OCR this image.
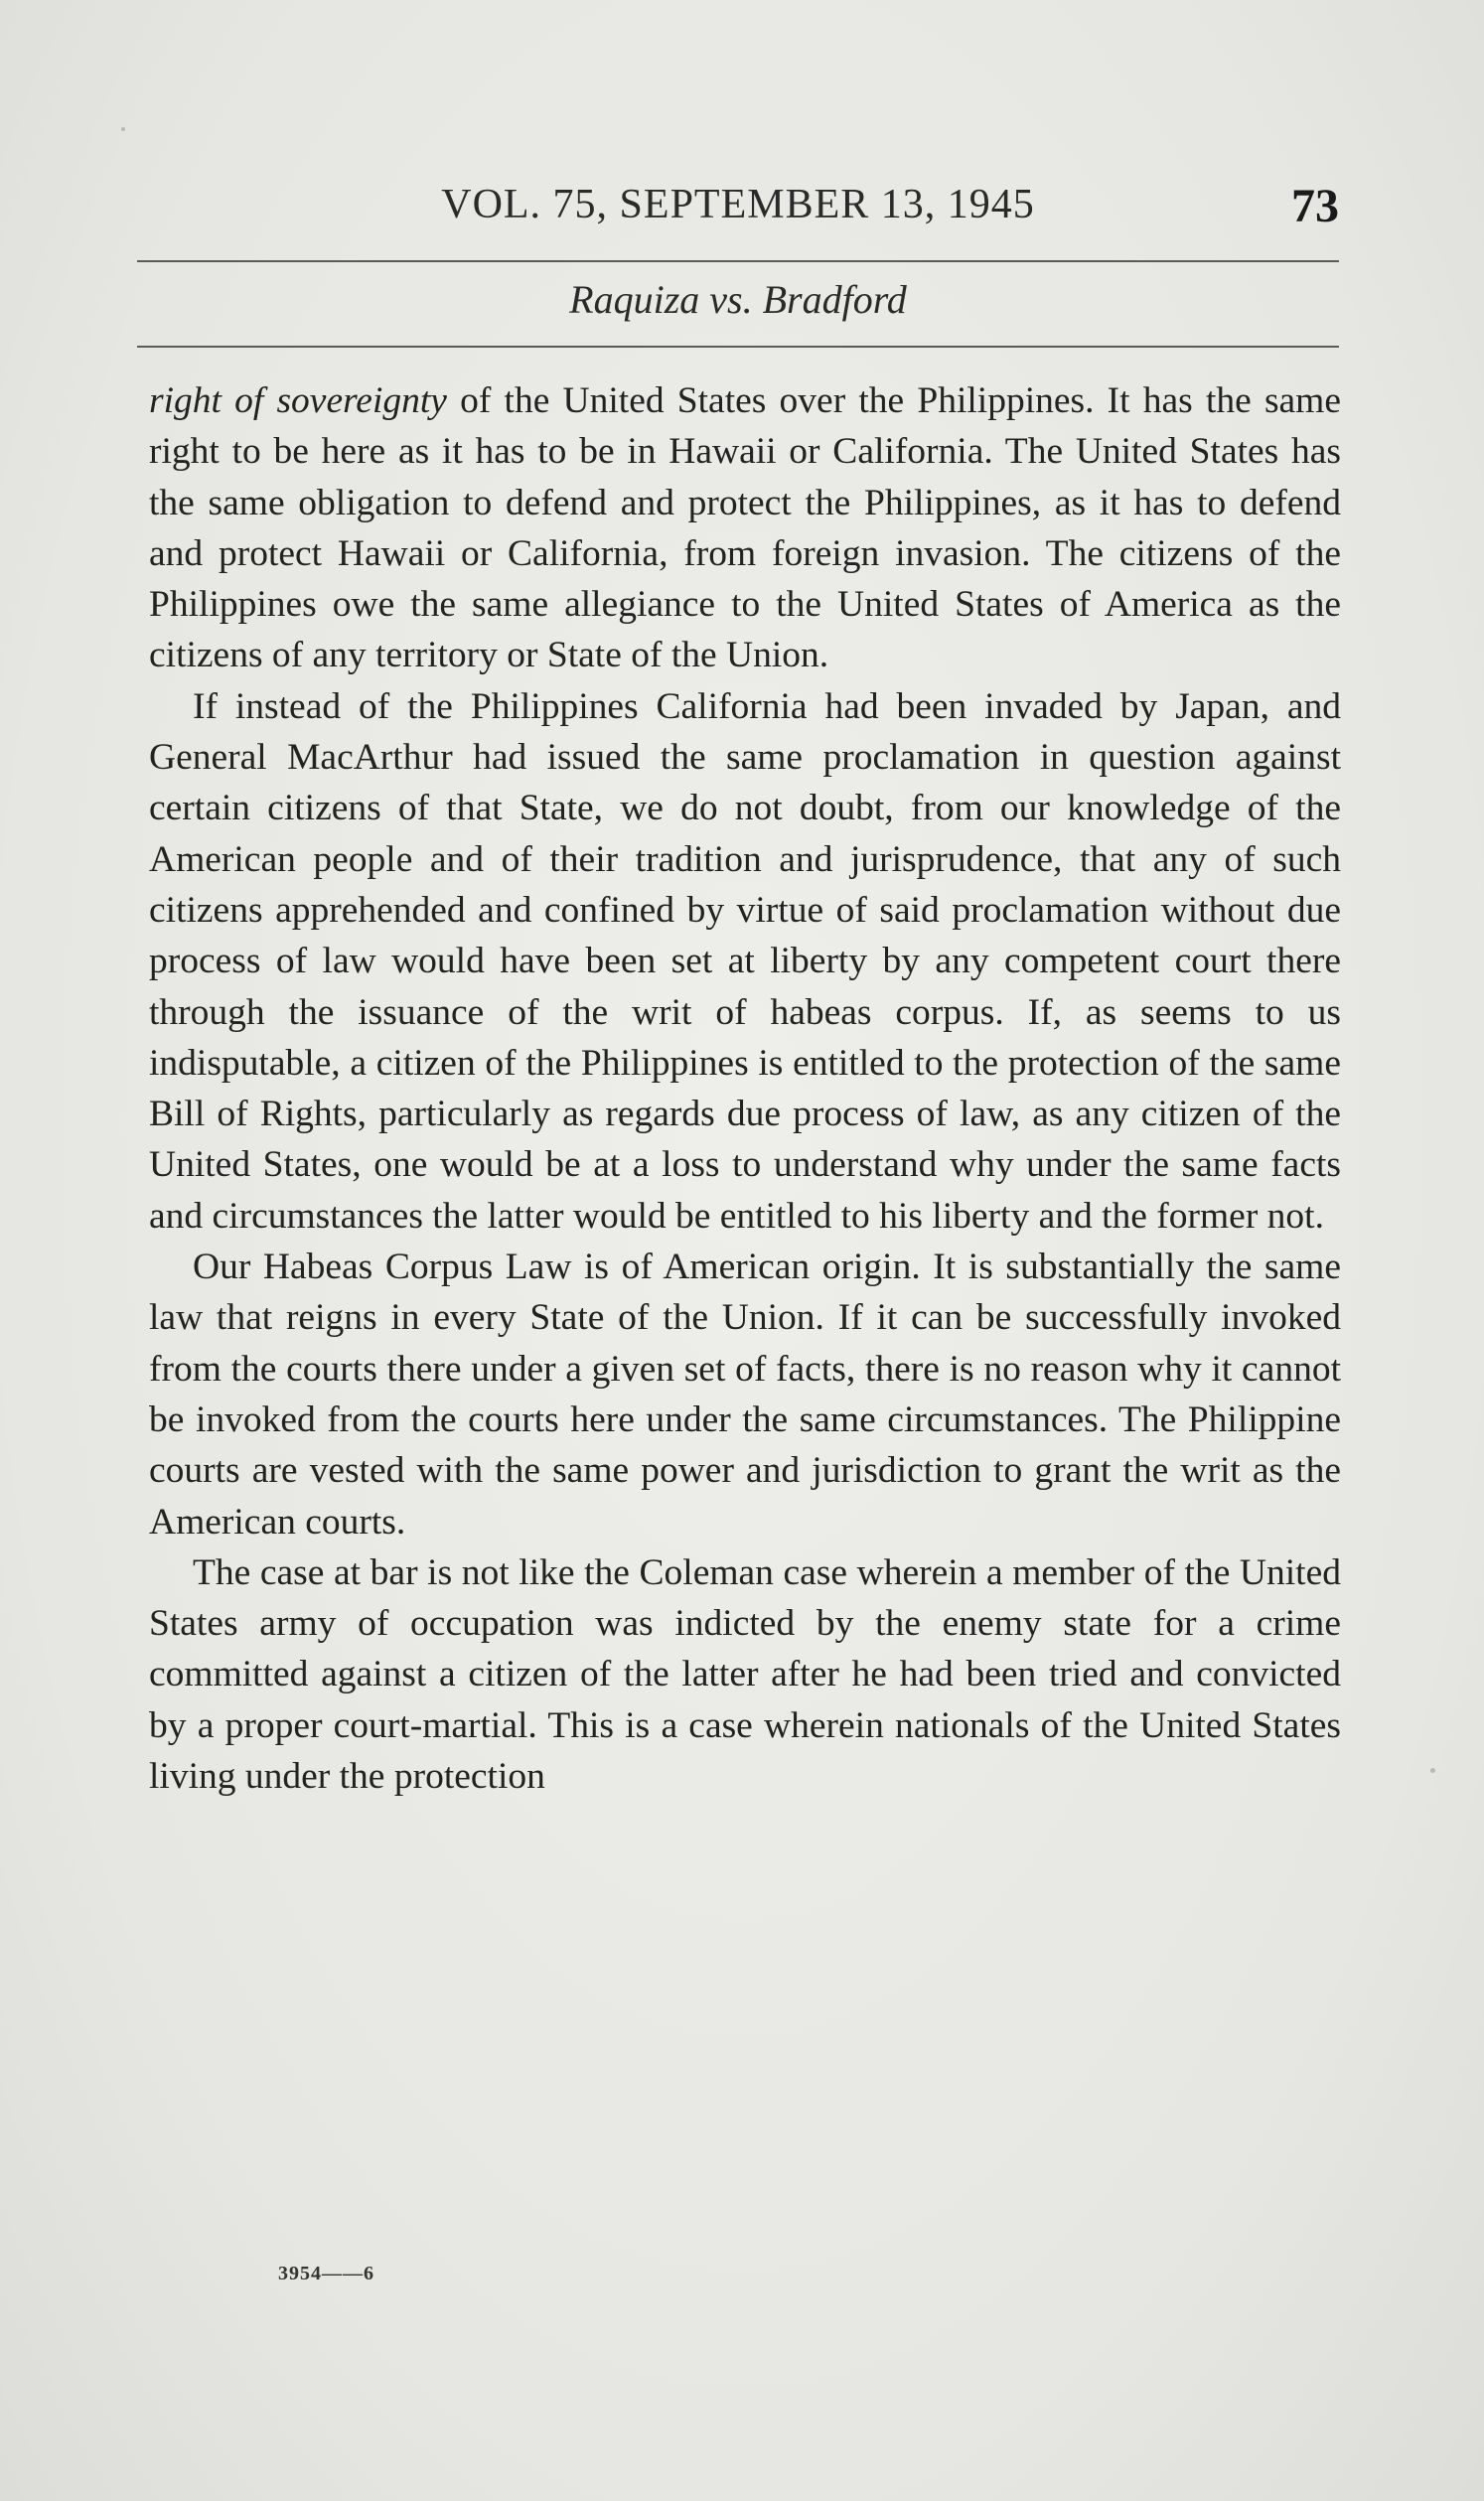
VOL. 75, SEPTEMBER 13, 1945	73
Raquiza vs. Bradford

right of sovereignty of the United States over the Philippines. It has the same right to be here as it has to be in Hawaii or California. The United States has the same obligation to defend and protect the Philippines, as it has to defend and protect Hawaii or California, from foreign invasion. The citizens of the Philippines owe the same allegiance to the United States of America as the citizens of any territory or State of the Union.

If instead of the Philippines California had been invaded by Japan, and General MacArthur had issued the same proclamation in question against certain citizens of that State, we do not doubt, from our knowledge of the American people and of their tradition and jurisprudence, that any of such citizens apprehended and confined by virtue of said proclamation without due process of law would have been set at liberty by any competent court there through the issuance of the writ of habeas corpus. If, as seems to us indisputable, a citizen of the Philippines is entitled to the protection of the same Bill of Rights, particularly as regards due process of law, as any citizen of the United States, one would be at a loss to understand why under the same facts and circumstances the latter would be entitled to his liberty and the former not.

Our Habeas Corpus Law is of American origin. It is substantially the same law that reigns in every State of the Union. If it can be successfully invoked from the courts there under a given set of facts, there is no reason why it cannot be invoked from the courts here under the same circumstances. The Philippine courts are vested with the same power and jurisdiction to grant the writ as the American courts.

The case at bar is not like the Coleman case wherein a member of the United States army of occupation was indicted by the enemy state for a crime committed against a citizen of the latter after he had been tried and convicted by a proper court-martial. This is a case wherein nationals of the United States living under the protection

3954——6
